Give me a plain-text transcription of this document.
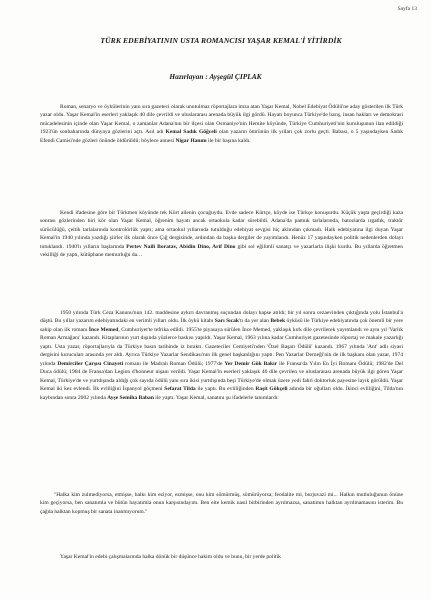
Sayfa 13
TÜRK EDEBİYATININ USTA ROMANCISI YAŞAR KEMAL'İ YİTİRDİK
Hazırlayan : Ayşegül ÇIPLAK

Roman, senaryo ve öykülerinin yanı sıra gazeteci olarak unutulmaz röportajlara imza atan Yaşar Kemal, Nobel Edebiyat Ödülü'ne aday gösterilen ilk Türk yazar oldu. Yaşar Kemal'in eserleri yaklaşık 40 dile çevrildi ve uluslararası arenada büyük ilgi gördü. Hayatı boyunca Türkiye'de barış, insan hakları ve demokrasi mücadelesinin içinde olan Yaşar Kemal, o zamanlar Adana'nın bir ilçesi olan Osmaniye'nin Hemite köyünde, Türkiye Cumhuriyeti'nin kuruluşunun ilan edildiği 1923'ün sonbaharında dünyaya gözlerini açtı. Asıl adı Kemal Sadık Göğceli olan yazarın ömrünün ilk yılları çok zorlu geçti. Babası, o 5 yaşındayken Sadık Efendi Camisi'nde gözleri önünde öldürüldü; böylece annesi Nigar Hanım ile bir başına kaldı.

Kendi ifadesine göre bir Türkmen köyünde tek Kürt ailenin çocuğuydu. Evde sadece Kürtçe, köyde ise Türkçe konuşurdu. Küçük yaşta geçirdiği kaza sonrası gözlerinden biri kör olan Yaşar Kemal, öğrenim hayatı ancak ortaokula kadar sürebildi. Adana'da pamuk tarlalarında, batozlarda ırgatlık, traktör sürücülüğü, çeltik tarlalarında kontrolörlük yaptı; ama ortaokul yıllarında tutulduğu edebiyat sevgisi hiç aklından çıkmadı. Halk edebiyatına ilgi duyan Yaşar Kemal'in 1940 yılında yazdığı şiirler ilk olarak önce Çığ dergisinde, ardından da başka dergiler de yayımlandı. Henüz 17 yaşındayken politik nedenlerden dolayı tutuklandı. 1940'lı yılların başlarında Pertev Naili Boratav, Abidin Dino, Arif Dino gibi sol eğilimli sanatçı ve yazarlarla ilişki kurdu. Bu yıllarda öğretmen vekilliği de yaptı, kütüphane memurluğu da…

1950 yılında Türk Ceza Kanunu'nun 142. maddesine aykırı davranmış suçundan dolayı hapse atıldı; bir yıl sonra cezaevinden çıktığında yolu İstanbul'a düştü. Bu yıllar yazarım edebiyatındaki en verimli yılları oldu. İlk öykü kitabı Sarı Sıcak'tı da yer alan Bebek öyküsü ile Türkiye edebiyatında çok önemli bir yere sahip olan ilk romanı İnce Memed, Cumhuriyet'te tefrika edildi. 1955'te piyasaya sürülen İnce Memed, yaklaşık kırk dile çevrilerek yayımlandı ve aynı yıl 'Varlık Roman Armağanı' kazandı. Kitaplarının yurt dışında yüzlerce baskısı yapıldı. Yaşar Kemal, 1963 yılına kadar Cumhuriyet gazetesinde röportaj ve makale yazarlığı yaptı. Usta yazar, röportajlarıyla da Türkiye basın tarihinde iz bıraktı. Gazeteciler Cemiyeti'nden 'Özel Başarı Ödülü' kazandı. 1967 yılında 'Ant' adlı siyasi dergisini kurucuları arasında yer aldı. Ayrıca Türkiye Yazarlar Sendikası'nın ilk genel başkanlığını yaptı. Pen Yazarlar Derneği'nin de ilk başkanı olan yazar, 1974 yılında Demirciler Çarşısı Cinayeti romanı ile Madralı Roman Ödülü; 1977'de Yer Demir Gök Bakır ile Fransa'da Yılın En İyi Romanı Ödülü; 1982'de Del Duca ödülü; 1984 de Fransa'dan Legion d'honneur nişanı verildi. Yaşar Kemal'in eserleri yaklaşık 40 dile çevrilen ve uluslararası arenada büyük ilgi gören Yaşar Kemal, Türkiye'de ve yurtdışında aldığı çok sayıda ödülü yanı sıra ikisi yurtdışında beşi Türkiye'de olmak üzere yedi fahri doktorluk payesine layık görüldü. Yaşar Kemal iki kez evlendi. İlk evliliğini İspanyol göçmeni Sefarat Tilda ile yaptı. Bu evliliğinden Raşit Gökçeli adında bir oğulları oldu. İkinci evliliğini, Tilda'nın kaybından sonra 2002 yılında Ayşe Semiha Baban ile yaptı. Yaşar Kemal, sanatını şu ifadelerle tanımlardı:

"Halka kim zulmediyorsa, etmişse, halkı kim eziyor, ezmişse, onu kim sömürmüş, sömürüyorsa; feodalite mi, burjuvazi mi... Halkın mutluluğunun önüne kim geçiyorsa, ben sanatımla ve bütün hayatımla onun karşısındayım. Ben eite kemik nasıl birbirinden ayrılmazsa, sanatımın halktan ayrılmamasını isterim. Bu çağda halktan kopmuş bir sanata inanmıyorum."

Yaşar Kemal'in edebi çalışmalarında halka dönük bir düşünce hakim oldu ve bunu, bir yerde politik
